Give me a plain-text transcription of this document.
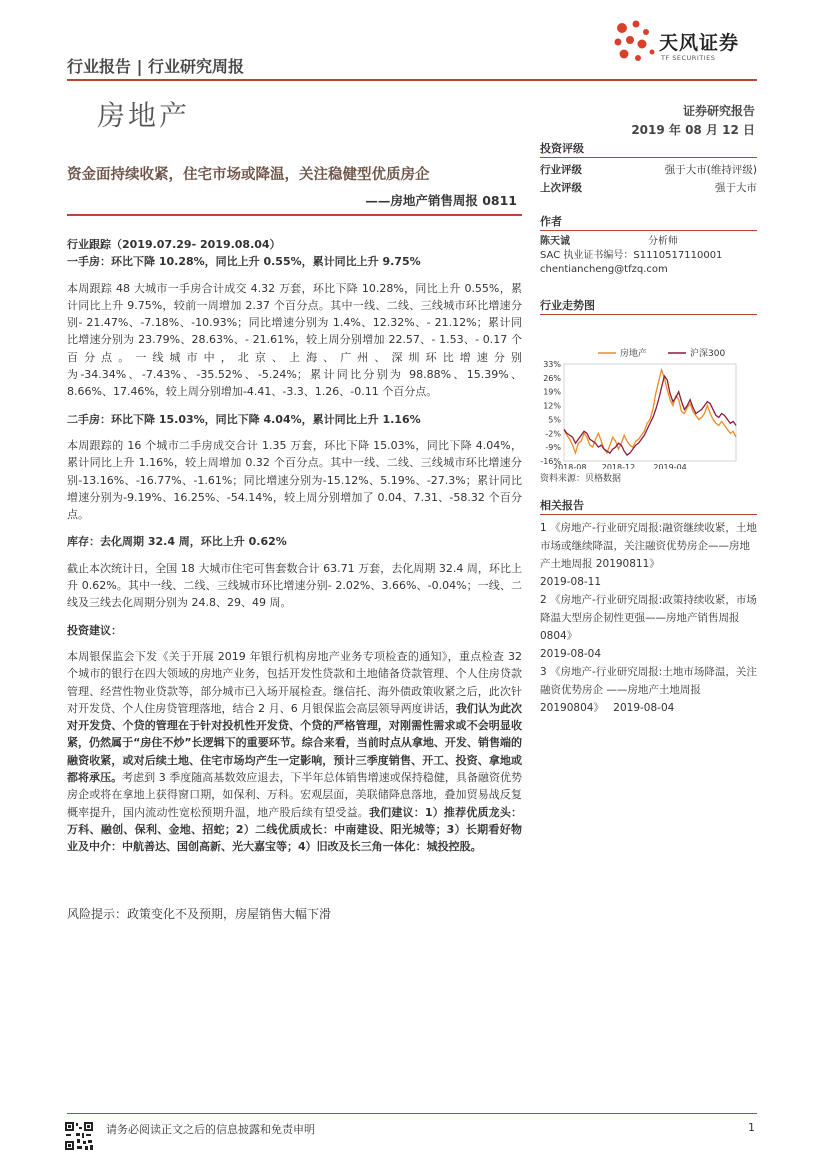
行业报告 | 行业研究周报
天风证券
TF SECURITIES
房地产	证券研究报告
2019 年 08 月 12 日
资金面持续收紧，住宅市场或降温，关注稳健型优质房企
——房地产销售周报 0811
行业跟踪（2019.07.29- 2019.08.04）
一手房：环比下降 10.28%，同比上升 0.55%，累计同比上升 9.75%
本周跟踪 48 大城市一手房合计成交 4.32 万套，环比下降 10.28%，同比上升 0.55%，累计同比上升 9.75%，较前一周增加 2.37 个百分点。其中一线、二线、三线城市环比增速分别- 21.47%、-7.18%、-10.93%；同比增速分别为 1.4%、12.32%、- 21.12%；累计同比增速分别为 23.79%、28.63%、- 21.61%，较上周分别增加 22.57、- 1.53、- 0.17 个百分点。一线城市中，北京、上海、广州、深圳环比增速分别为-34.34%、-7.43%、-35.52%、-5.24%；累计同比分别为 98.88%、15.39%、8.66%、17.46%，较上周分别增加-4.41、-3.3、1.26、-0.11 个百分点。
二手房：环比下降 15.03%，同比下降 4.04%，累计同比上升 1.16%
本周跟踪的 16 个城市二手房成交合计 1.35 万套，环比下降 15.03%，同比下降 4.04%，累计同比上升 1.16%，较上周增加 0.32 个百分点。其中一线、二线、三线城市环比增速分别-13.16%、-16.77%、-1.61%；同比增速分别为-15.12%、5.19%、-27.3%；累计同比增速分别为-9.19%、16.25%、-54.14%，较上周分别增加了 0.04、7.31、-58.32 个百分点。
库存：去化周期 32.4 周，环比上升 0.62%
截止本次统计日，全国 18 大城市住宅可售套数合计 63.71 万套，去化周期 32.4 周，环比上升 0.62%。其中一线、二线、三线城市环比增速分别- 2.02%、3.66%、-0.04%；一线、二线及三线去化周期分别为 24.8、29、49 周。
投资建议：
本周银保监会下发《关于开展 2019 年银行机构房地产业务专项检查的通知》，重点检查 32 个城市的银行在四大领域的房地产业务，包括开发性贷款和土地储备贷款管理、个人住房贷款管理、经营性物业贷款等，部分城市已入场开展检查。继信托、海外债政策收紧之后，此次针对开发贷、个人住房贷管理落地，结合 2 月、6 月银保监会高层领导两度讲话，我们认为此次对开发贷、个贷的管理在于针对投机性开发贷、个贷的严格管理，对刚需性需求或不会明显收紧，仍然属于“房住不炒”长逻辑下的重要环节。综合来看，当前时点从拿地、开发、销售端的融资收紧，或对后续土地、住宅市场均产生一定影响，预计三季度销售、开工、投资、拿地或都将承压。考虑到 3 季度随高基数效应退去，下半年总体销售增速或保持稳健，具备融资优势房企或将在拿地上获得窗口期，如保利、万科。宏观层面，美联储降息落地，叠加贸易战反复概率提升，国内流动性宽松预期升温，地产股后续有望受益。我们建议：1）推荐优质龙头：万科、融创、保利、金地、招蛇；2）二线优质成长：中南建设、阳光城等；3）长期看好物业及中介：中航善达、国创高新、光大嘉宝等；4）旧改及长三角一体化：城投控股。
风险提示：政策变化不及预期，房屋销售大幅下滑
投资评级
行业评级	强于大市(维持评级)
上次评级	强于大市
作者
陈天诚	分析师
SAC 执业证书编号：S1110517110001
chentiancheng@tfzq.com
行业走势图
33%
26%
19%
12%
5%
-2%
-9%
-16%
2018-08 2018-12 2019-04
房地产	沪深300
资料来源：贝格数据
相关报告
1 《房地产-行业研究周报:融资继续收紧，土地市场或继续降温，关注融资优势房企——房地产土地周报 20190811》
2019-08-11
2 《房地产-行业研究周报:政策持续收紧，市场降温大型房企韧性更强——房地产销售周报 0804》
2019-08-04
3 《房地产-行业研究周报:土地市场降温，关注融资优势房企 ——房地产土地周报 20190804》 2019-08-04
请务必阅读正文之后的信息披露和免责申明	1
